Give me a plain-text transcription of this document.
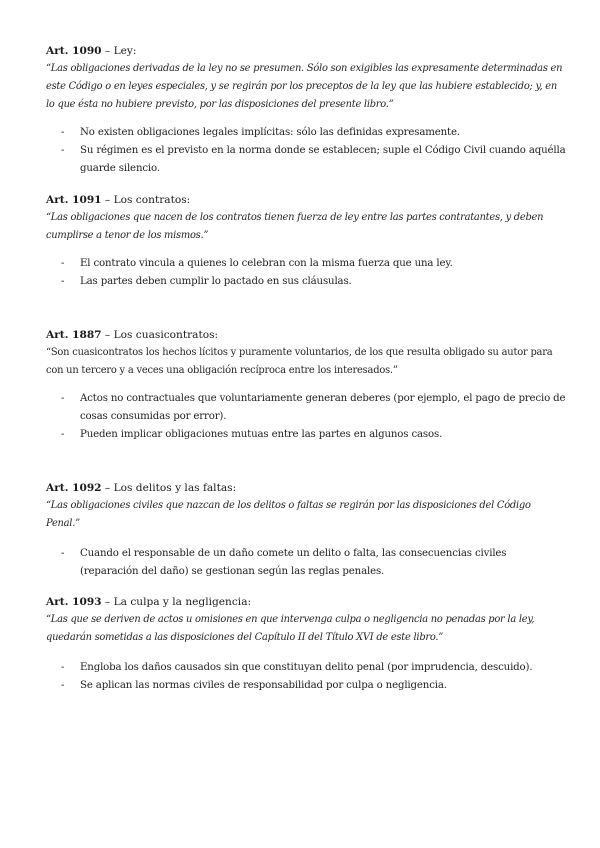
Art. 1090 – Ley:
“Las obligaciones derivadas de la ley no se presumen. Sólo son exigibles las expresamente determinadas en este Código o en leyes especiales, y se regirán por los preceptos de la ley que las hubiere establecido; y, en lo que ésta no hubiere previsto, por las disposiciones del presente libro.”
- No existen obligaciones legales implícitas: sólo las definidas expresamente.
- Su régimen es el previsto en la norma donde se establecen; suple el Código Civil cuando aquélla guarde silencio.
Art. 1091 – Los contratos:
“Las obligaciones que nacen de los contratos tienen fuerza de ley entre las partes contratantes, y deben cumplirse a tenor de los mismos.”
- El contrato vincula a quienes lo celebran con la misma fuerza que una ley.
- Las partes deben cumplir lo pactado en sus cláusulas.
Art. 1887 – Los cuasicontratos:
“Son cuasicontratos los hechos lícitos y puramente voluntarios, de los que resulta obligado su autor para con un tercero y a veces una obligación recíproca entre los interesados.”
- Actos no contractuales que voluntariamente generan deberes (por ejemplo, el pago de precio de cosas consumidas por error).
- Pueden implicar obligaciones mutuas entre las partes en algunos casos.
Art. 1092 – Los delitos y las faltas:
“Las obligaciones civiles que nazcan de los delitos o faltas se regirán por las disposiciones del Código Penal.”
- Cuando el responsable de un daño comete un delito o falta, las consecuencias civiles (reparación del daño) se gestionan según las reglas penales.
Art. 1093 – La culpa y la negligencia:
“Las que se deriven de actos u omisiones en que intervenga culpa o negligencia no penadas por la ley, quedarán sometidas a las disposiciones del Capítulo II del Título XVI de este libro.”
- Engloba los daños causados sin que constituyan delito penal (por imprudencia, descuido).
- Se aplican las normas civiles de responsabilidad por culpa o negligencia.
